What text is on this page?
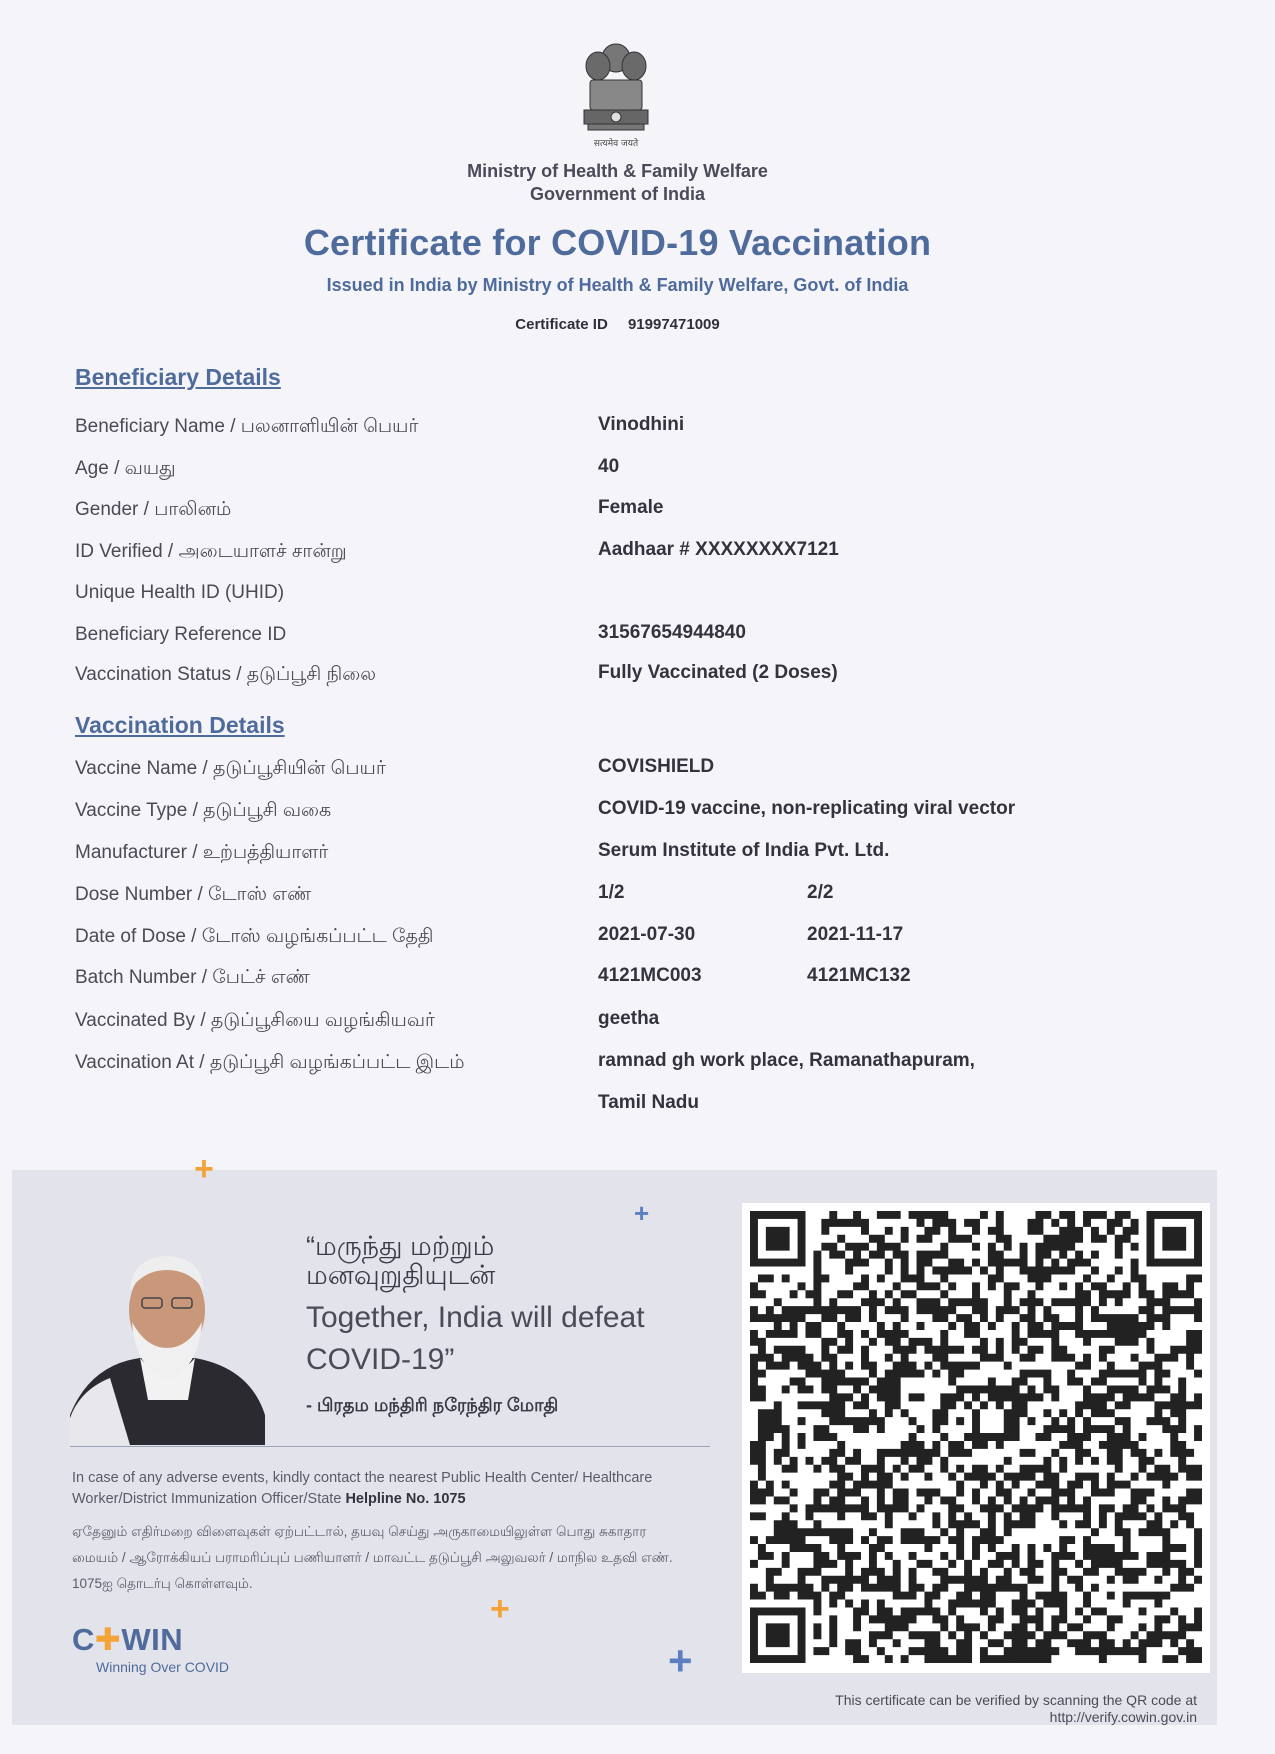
सत्यमेव जयते
Ministry of Health & Family Welfare
Government of India
Certificate for COVID-19 Vaccination
Issued in India by Ministry of Health & Family Welfare, Govt. of India
Certificate ID 91997471009
Beneficiary Details
Beneficiary Name / பலனாளியின் பெயர்	Vinodhini
Age / வயது	40
Gender / பாலினம்	Female
ID Verified / அடையாளச் சான்று	Aadhaar # XXXXXXXX7121
Unique Health ID (UHID)
Beneficiary Reference ID	31567654944840
Vaccination Status / தடுப்பூசி நிலை	Fully Vaccinated (2 Doses)
Vaccination Details
Vaccine Name / தடுப்பூசியின் பெயர்	COVISHIELD
Vaccine Type / தடுப்பூசி வகை	COVID-19 vaccine, non-replicating viral vector
Manufacturer / உற்பத்தியாளர்	Serum Institute of India Pvt. Ltd.
Dose Number / டோஸ் எண்	1/2	2/2
Date of Dose / டோஸ் வழங்கப்பட்ட தேதி	2021-07-30	2021-11-17
Batch Number / பேட்ச் எண்	4121MC003	4121MC132
Vaccinated By / தடுப்பூசியை வழங்கியவர்	geetha
Vaccination At / தடுப்பூசி வழங்கப்பட்ட இடம்	ramnad gh work place, Ramanathapuram,
Tamil Nadu
+
+
+
+
“மருந்து மற்றும் மனவுறுதியுடன்
Together, India will defeat COVID-19”
- பிரதம மந்திரி நரேந்திர மோதி
In case of any adverse events, kindly contact the nearest Public Health Center/ Healthcare Worker/District Immunization Officer/State Helpline No. 1075
ஏதேனும் எதிர்மறை விளைவுகள் ஏற்பட்டால், தயவு செய்து அருகாமையிலுள்ள பொது சுகாதார மையம் / ஆரோக்கியப் பராமரிப்புப் பணியாளர் / மாவட்ட தடுப்பூசி அலுவலர் / மாநில உதவி எண். 1075ஐ தொடர்பு கொள்ளவும்.
C✚WIN
Winning Over COVID
This certificate can be verified by scanning the QR code at
http://verify.cowin.gov.in
